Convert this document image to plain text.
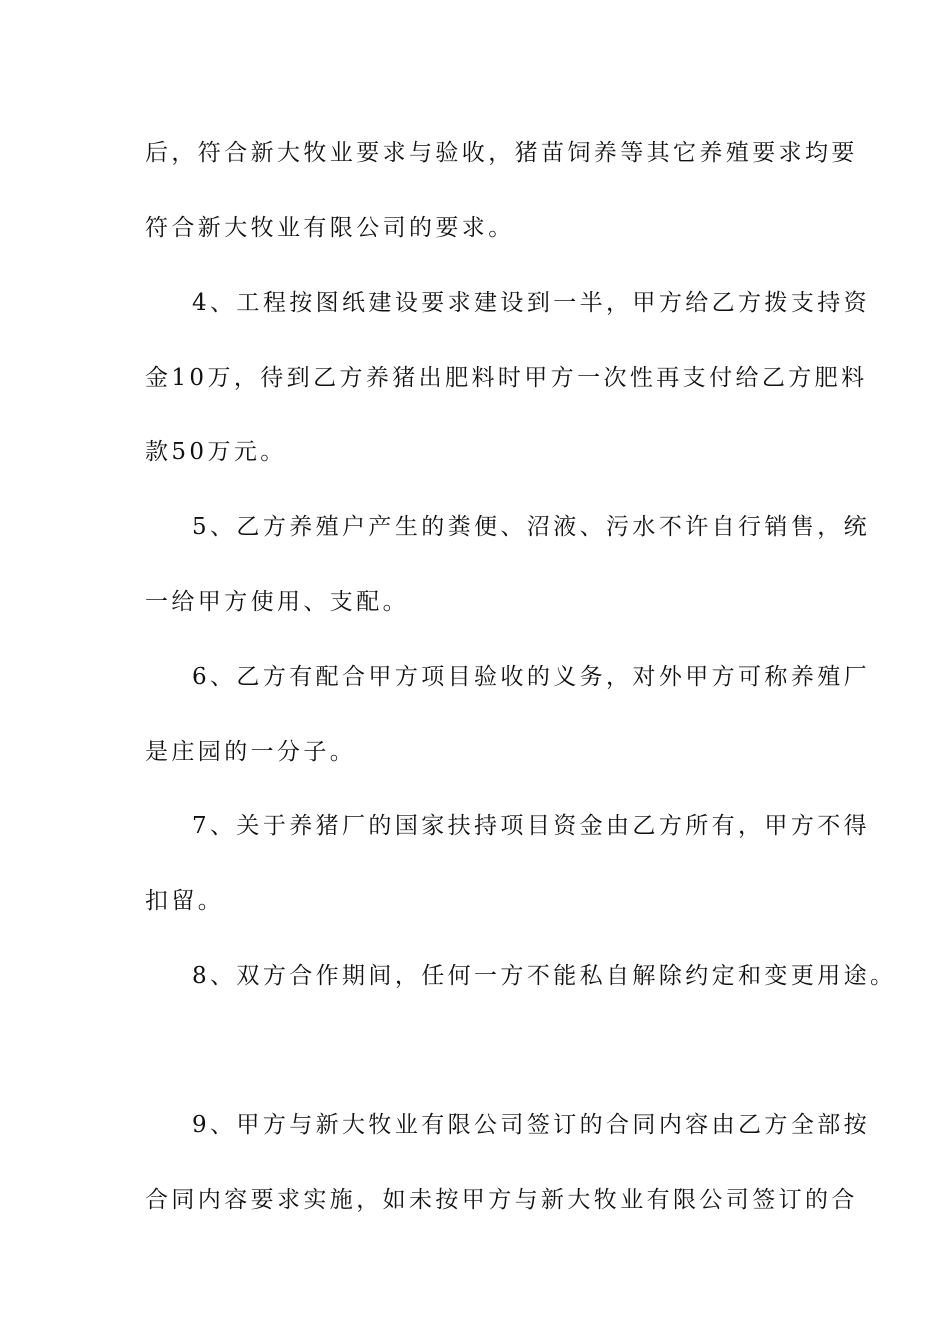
后，符合新大牧业要求与验收，猪苗饲养等其它养殖要求均要
符合新大牧业有限公司的要求。
4、工程按图纸建设要求建设到一半，甲方给乙方拨支持资
金10万，待到乙方养猪出肥料时甲方一次性再支付给乙方肥料
款50万元。
5、乙方养殖户产生的粪便、沼液、污水不许自行销售，统
一给甲方使用、支配。
6、乙方有配合甲方项目验收的义务，对外甲方可称养殖厂
是庄园的一分子。
7、关于养猪厂的国家扶持项目资金由乙方所有，甲方不得
扣留。
8、双方合作期间，任何一方不能私自解除约定和变更用途。
9、甲方与新大牧业有限公司签订的合同内容由乙方全部按
合同内容要求实施，如未按甲方与新大牧业有限公司签订的合
